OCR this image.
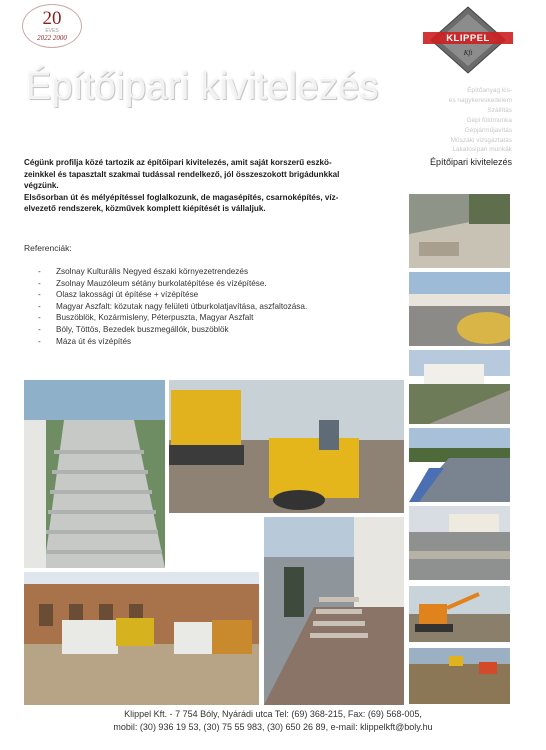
20
EVES
2022 2000	KLIPPEL
Kft
Építőipari kivitelezés	Építőanyag kis-
és nagykereskedelem
Szállítás
Gépi földmunka
Gépjárműjavítás
Műszaki vizsgáztatás
Lakatosipari munkák
Építőipari kivitelezés
Cégünk profilja közé tartozik az építőipari kivitelezés, amit saját korszerű eszkö-
zeinkkel és tapasztalt szakmai tudással rendelkező, jól összeszokott brigádunkkal
végzünk.
Elsősorban út és mélyépítéssel foglalkozunk, de magasépítés, csarnoképítés, víz-
elvezető rendszerek, közművek komplett kiépítését is vállaljuk.
Referenciák:
- Zsolnay Kulturális Negyed északi környezetrendezés
- Zsolnay Mauzóleum sétány burkolatépítése és vízépítése.
- Olasz lakossági út építése + vízépítése
- Magyar Aszfalt: közutak nagy felületi útburkolatjavítása, aszfaltozása.
- Buszöblök, Kozármisleny, Péterpuszta, Magyar Aszfalt
- Bóly, Töttös, Bezedek buszmegállók, buszöblök
- Máza út és vízépítés
Klippel Kft. - 7 754 Bóly, Nyárádi utca Tel: (69) 368-215, Fax: (69) 568-005,
mobil: (30) 936 19 53, (30) 75 55 983, (30) 650 26 89, e-mail: klippelkft@boly.hu
